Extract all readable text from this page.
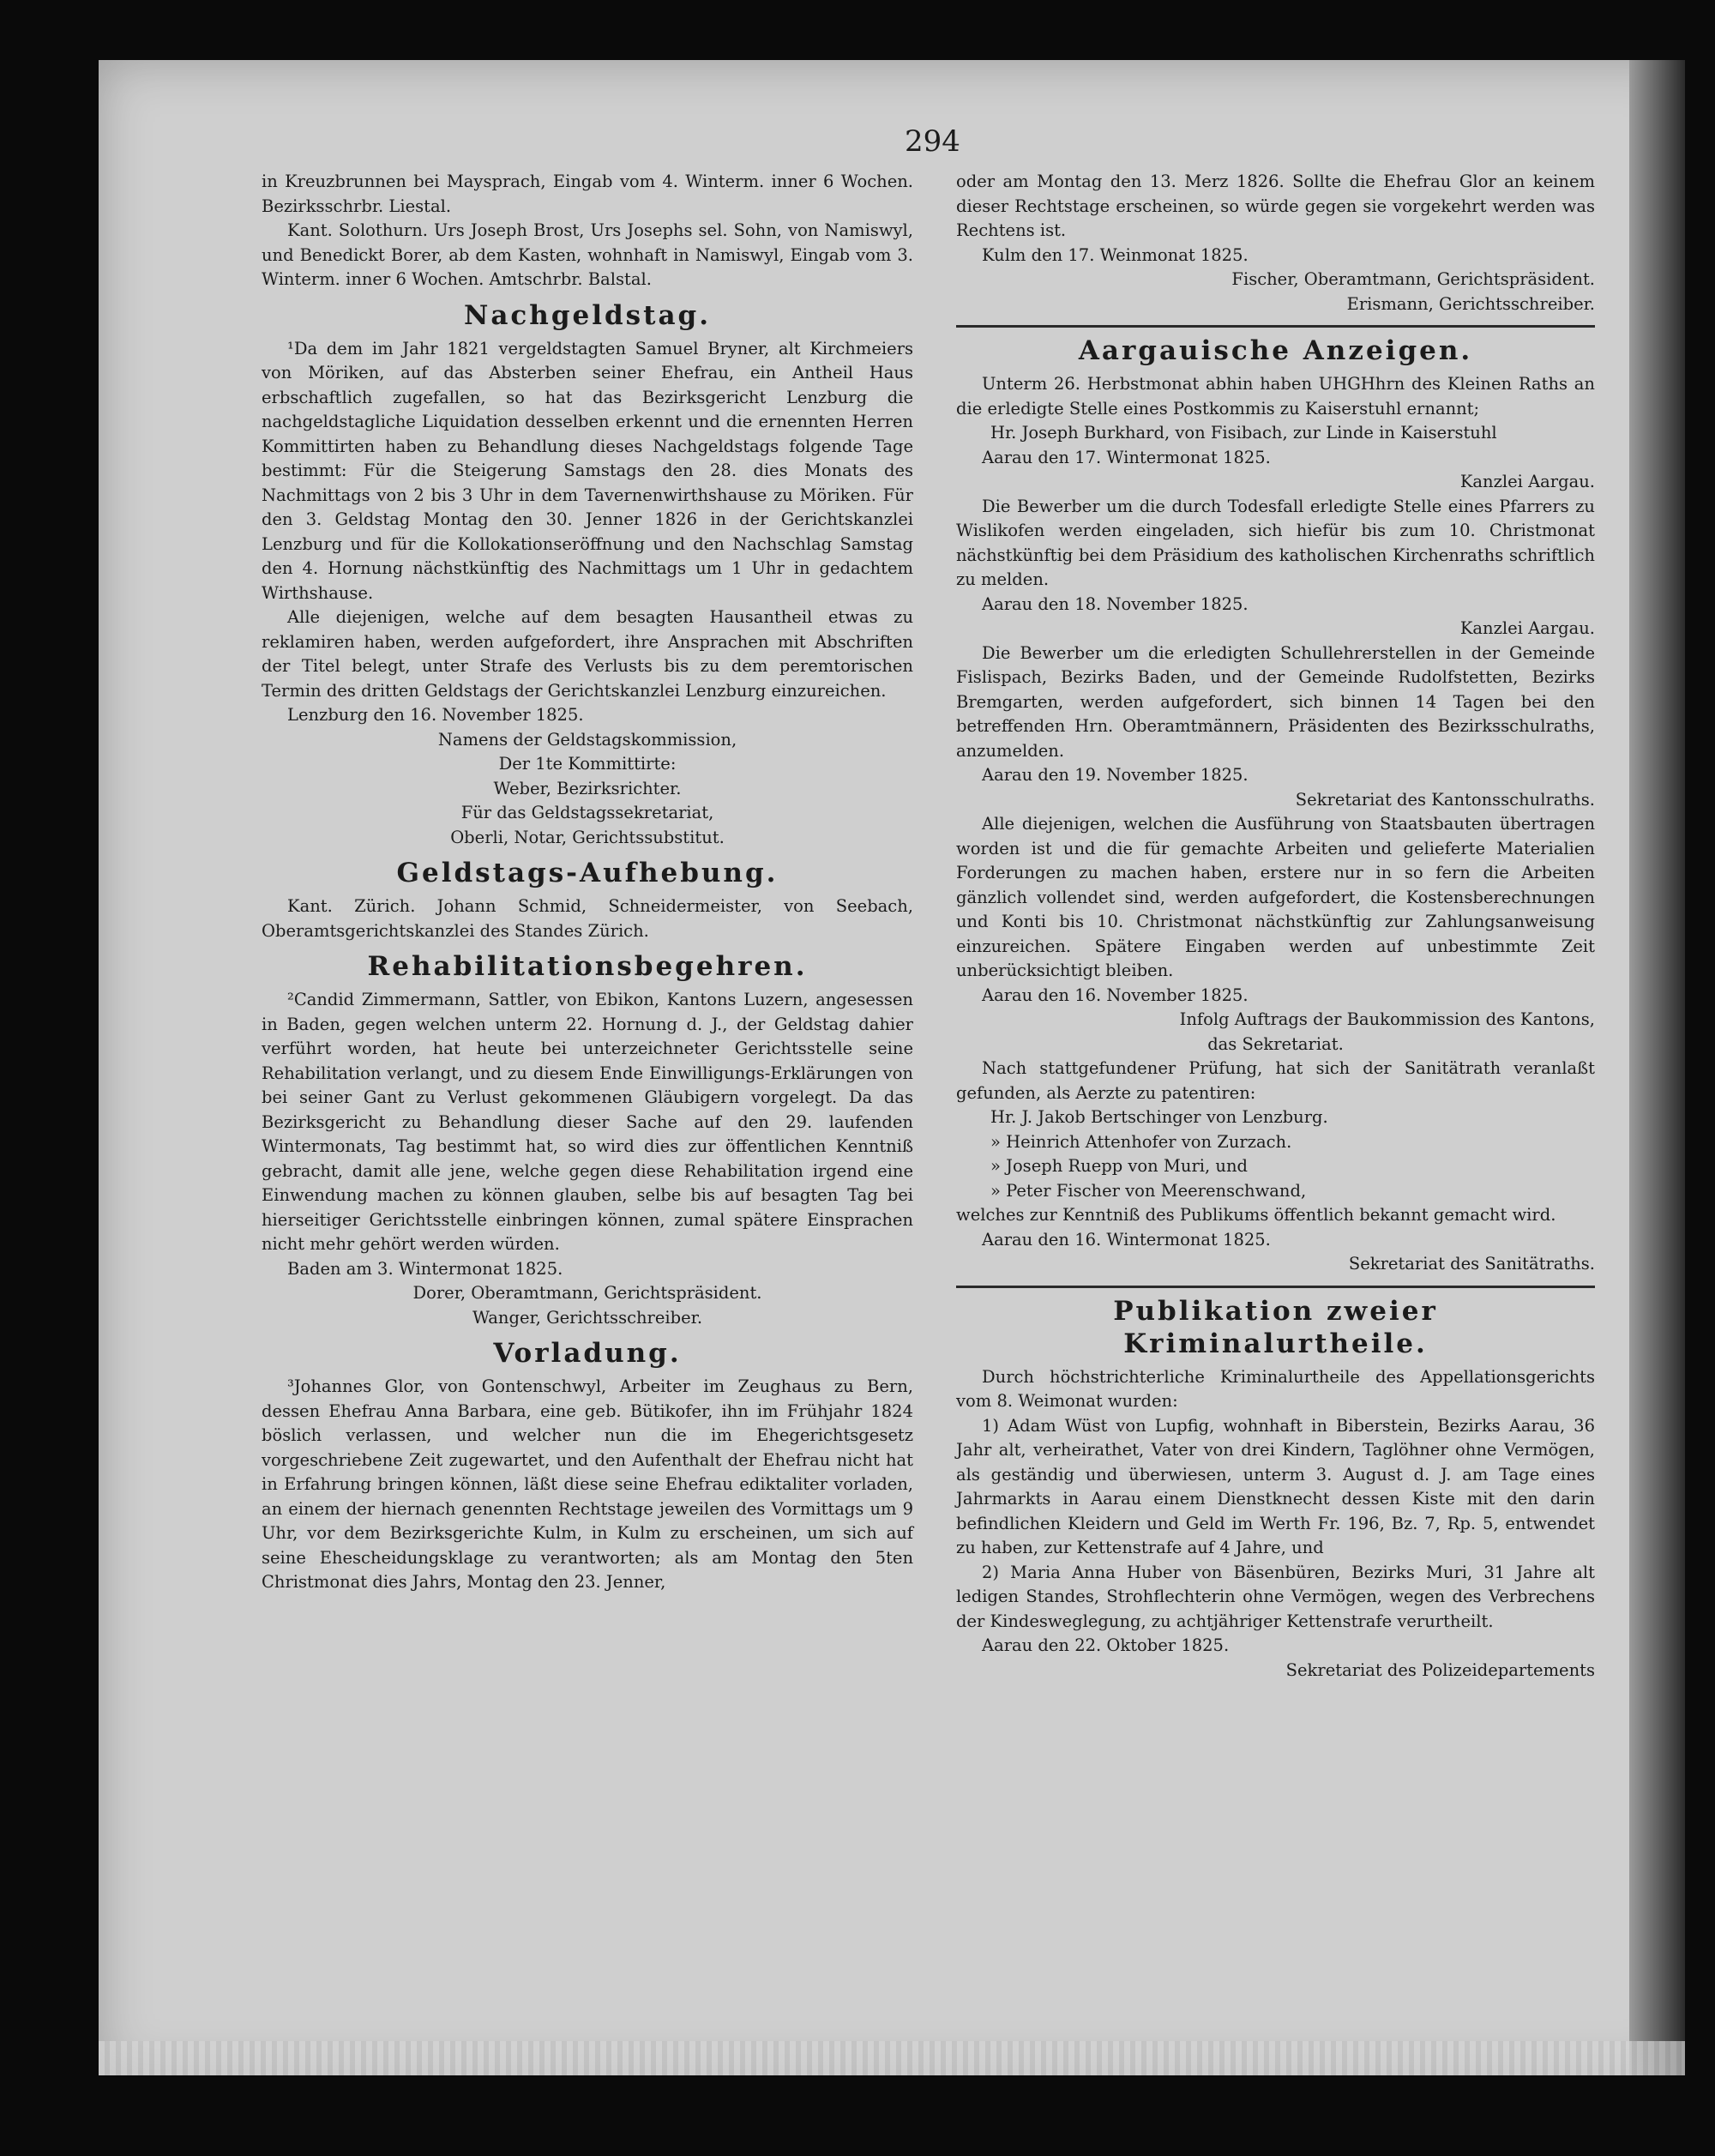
294

in Kreuzbrunnen bei Maysprach, Eingab vom 4. Winterm. inner 6 Wochen. Bezirksschrbr. Liestal.

Kant. Solothurn. Urs Joseph Brost, Urs Josephs sel. Sohn, von Namiswyl, und Benedickt Borer, ab dem Kasten, wohnhaft in Namiswyl, Eingab vom 3. Winterm. inner 6 Wochen. Amtschrbr. Balstal.

Nachgeldstag.

¹Da dem im Jahr 1821 vergeldstagten Samuel Bryner, alt Kirchmeiers von Möriken, auf das Absterben seiner Ehefrau, ein Antheil Haus erbschaftlich zugefallen, so hat das Bezirksgericht Lenzburg die nachgeldstagliche Liquidation desselben erkennt und die ernennten Herren Kommittirten haben zu Behandlung dieses Nachgeldstags folgende Tage bestimmt: Für die Steigerung Samstags den 28. dies Monats des Nachmittags von 2 bis 3 Uhr in dem Tavernenwirthshause zu Möriken. Für den 3. Geldstag Montag den 30. Jenner 1826 in der Gerichtskanzlei Lenzburg und für die Kollokationseröffnung und den Nachschlag Samstag den 4. Hornung nächstkünftig des Nachmittags um 1 Uhr in gedachtem Wirthshause.

Alle diejenigen, welche auf dem besagten Hausantheil etwas zu reklamiren haben, werden aufgefordert, ihre Ansprachen mit Abschriften der Titel belegt, unter Strafe des Verlusts bis zu dem peremtorischen Termin des dritten Geldstags der Gerichtskanzlei Lenzburg einzureichen.

Lenzburg den 16. November 1825.

Namens der Geldstagskommission,

Der 1te Kommittirte:

Weber, Bezirksrichter.

Für das Geldstagssekretariat,

Oberli, Notar, Gerichtssubstitut.

Geldstags-Aufhebung.

Kant. Zürich. Johann Schmid, Schneidermeister, von Seebach, Oberamtsgerichtskanzlei des Standes Zürich.

Rehabilitationsbegehren.

²Candid Zimmermann, Sattler, von Ebikon, Kantons Luzern, angesessen in Baden, gegen welchen unterm 22. Hornung d. J., der Geldstag dahier verführt worden, hat heute bei unterzeichneter Gerichtsstelle seine Rehabilitation verlangt, und zu diesem Ende Einwilligungs-Erklärungen von bei seiner Gant zu Verlust gekommenen Gläubigern vorgelegt. Da das Bezirksgericht zu Behandlung dieser Sache auf den 29. laufenden Wintermonats, Tag bestimmt hat, so wird dies zur öffentlichen Kenntniß gebracht, damit alle jene, welche gegen diese Rehabilitation irgend eine Einwendung machen zu können glauben, selbe bis auf besagten Tag bei hierseitiger Gerichtsstelle einbringen können, zumal spätere Einsprachen nicht mehr gehört werden würden.

Baden am 3. Wintermonat 1825.

Dorer, Oberamtmann, Gerichtspräsident.

Wanger, Gerichtsschreiber.

Vorladung.

³Johannes Glor, von Gontenschwyl, Arbeiter im Zeughaus zu Bern, dessen Ehefrau Anna Barbara, eine geb. Bütikofer, ihn im Frühjahr 1824 böslich verlassen, und welcher nun die im Ehegerichtsgesetz vorgeschriebene Zeit zugewartet, und den Aufenthalt der Ehefrau nicht hat in Erfahrung bringen können, läßt diese seine Ehefrau ediktaliter vorladen, an einem der hiernach genennten Rechtstage jeweilen des Vormittags um 9 Uhr, vor dem Bezirksgerichte Kulm, in Kulm zu erscheinen, um sich auf seine Ehescheidungsklage zu verantworten; als am Montag den 5ten Christmonat dies Jahrs, Montag den 23. Jenner,

oder am Montag den 13. Merz 1826. Sollte die Ehefrau Glor an keinem dieser Rechtstage erscheinen, so würde gegen sie vorgekehrt werden was Rechtens ist.

Kulm den 17. Weinmonat 1825.

Fischer, Oberamtmann, Gerichtspräsident.

Erismann, Gerichtsschreiber.

Aargauische Anzeigen.

Unterm 26. Herbstmonat abhin haben UHGHhrn des Kleinen Raths an die erledigte Stelle eines Postkommis zu Kaiserstuhl ernannt;

Hr. Joseph Burkhard, von Fisibach, zur Linde in Kaiserstuhl

Aarau den 17. Wintermonat 1825.

Kanzlei Aargau.

Die Bewerber um die durch Todesfall erledigte Stelle eines Pfarrers zu Wislikofen werden eingeladen, sich hiefür bis zum 10. Christmonat nächstkünftig bei dem Präsidium des katholischen Kirchenraths schriftlich zu melden.

Aarau den 18. November 1825.

Kanzlei Aargau.

Die Bewerber um die erledigten Schullehrerstellen in der Gemeinde Fislispach, Bezirks Baden, und der Gemeinde Rudolfstetten, Bezirks Bremgarten, werden aufgefordert, sich binnen 14 Tagen bei den betreffenden Hrn. Oberamtmännern, Präsidenten des Bezirksschulraths, anzumelden.

Aarau den 19. November 1825.

Sekretariat des Kantonsschulraths.

Alle diejenigen, welchen die Ausführung von Staatsbauten übertragen worden ist und die für gemachte Arbeiten und gelieferte Materialien Forderungen zu machen haben, erstere nur in so fern die Arbeiten gänzlich vollendet sind, werden aufgefordert, die Kostensberechnungen und Konti bis 10. Christmonat nächstkünftig zur Zahlungsanweisung einzureichen. Spätere Eingaben werden auf unbestimmte Zeit unberücksichtigt bleiben.

Aarau den 16. November 1825.

Infolg Auftrags der Baukommission des Kantons,

das Sekretariat.

Nach stattgefundener Prüfung, hat sich der Sanitätrath veranlaßt gefunden, als Aerzte zu patentiren:

Hr. J. Jakob Bertschinger von Lenzburg.

» Heinrich Attenhofer von Zurzach.

» Joseph Ruepp von Muri, und

» Peter Fischer von Meerenschwand,

welches zur Kenntniß des Publikums öffentlich bekannt gemacht wird.

Aarau den 16. Wintermonat 1825.

Sekretariat des Sanitätraths.

Publikation zweier Kriminalurtheile.

Durch höchstrichterliche Kriminalurtheile des Appellationsgerichts vom 8. Weimonat wurden:

1) Adam Wüst von Lupfig, wohnhaft in Biberstein, Bezirks Aarau, 36 Jahr alt, verheirathet, Vater von drei Kindern, Taglöhner ohne Vermögen, als geständig und überwiesen, unterm 3. August d. J. am Tage eines Jahrmarkts in Aarau einem Dienstknecht dessen Kiste mit den darin befindlichen Kleidern und Geld im Werth Fr. 196, Bz. 7, Rp. 5, entwendet zu haben, zur Kettenstrafe auf 4 Jahre, und

2) Maria Anna Huber von Bäsenbüren, Bezirks Muri, 31 Jahre alt ledigen Standes, Strohflechterin ohne Vermögen, wegen des Verbrechens der Kindesweglegung, zu achtjähriger Kettenstrafe verurtheilt.

Aarau den 22. Oktober 1825.

Sekretariat des Polizeidepartements
